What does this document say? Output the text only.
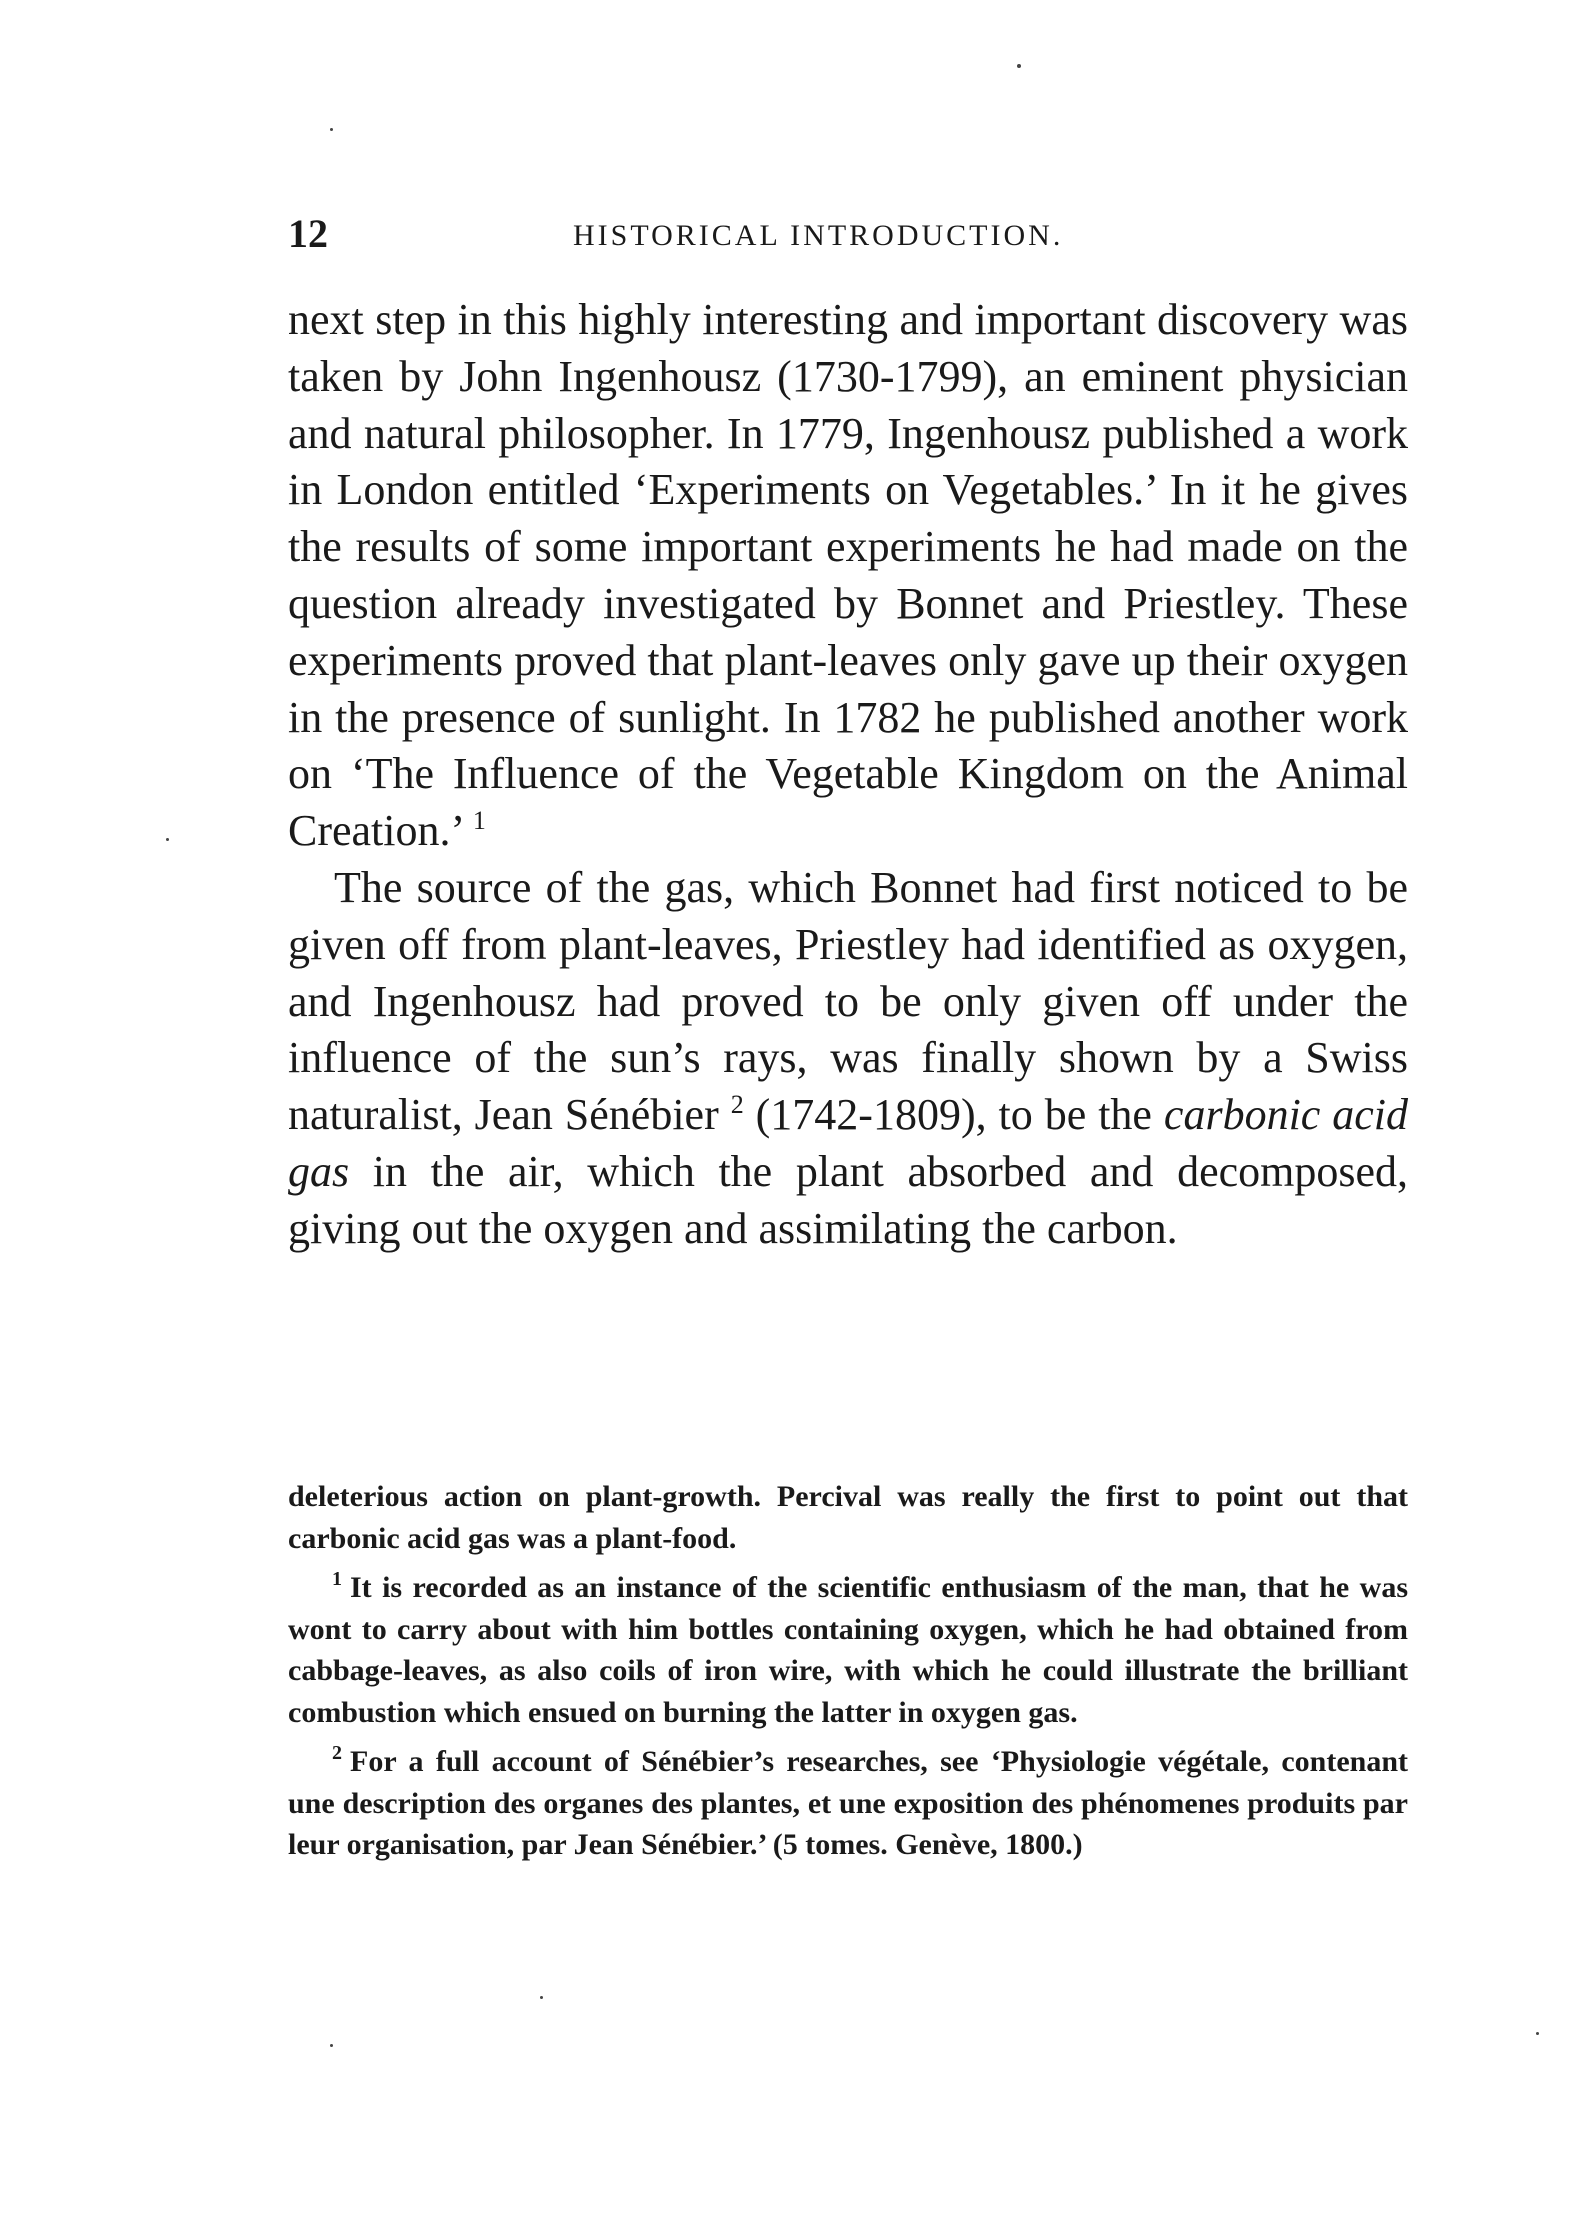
12	HISTORICAL INTRODUCTION.

next step in this highly interesting and important discovery was taken by John Ingenhousz (1730-1799), an eminent physician and natural philosopher. In 1779, Ingenhousz published a work in London entitled ‘Experiments on Vegetables.’ In it he gives the results of some important experiments he had made on the question already investigated by Bonnet and Priestley. These experiments proved that plant-leaves only gave up their oxygen in the presence of sunlight. In 1782 he published another work on ‘The Influence of the Vegetable Kingdom on the Animal Creation.’ $^1$

The source of the gas, which Bonnet had first noticed to be given off from plant-leaves, Priestley had identified as oxygen, and Ingenhousz had proved to be only given off under the influence of the sun’s rays, was finally shown by a Swiss naturalist, Jean Sénébier $^2$ (1742-1809), to be the carbonic acid gas in the air, which the plant absorbed and decomposed, giving out the oxygen and assimilating the carbon.

deleterious action on plant-growth. Percival was really the first to point out that carbonic acid gas was a plant-food.

$^1$ It is recorded as an instance of the scientific enthusiasm of the man, that he was wont to carry about with him bottles containing oxygen, which he had obtained from cabbage-leaves, as also coils of iron wire, with which he could illustrate the brilliant combustion which ensued on burning the latter in oxygen gas.

$^2$ For a full account of Sénébier’s researches, see ‘Physiologie végétale, contenant une description des organes des plantes, et une exposition des phénomenes produits par leur organisation, par Jean Sénébier.’ (5 tomes. Genève, 1800.)
